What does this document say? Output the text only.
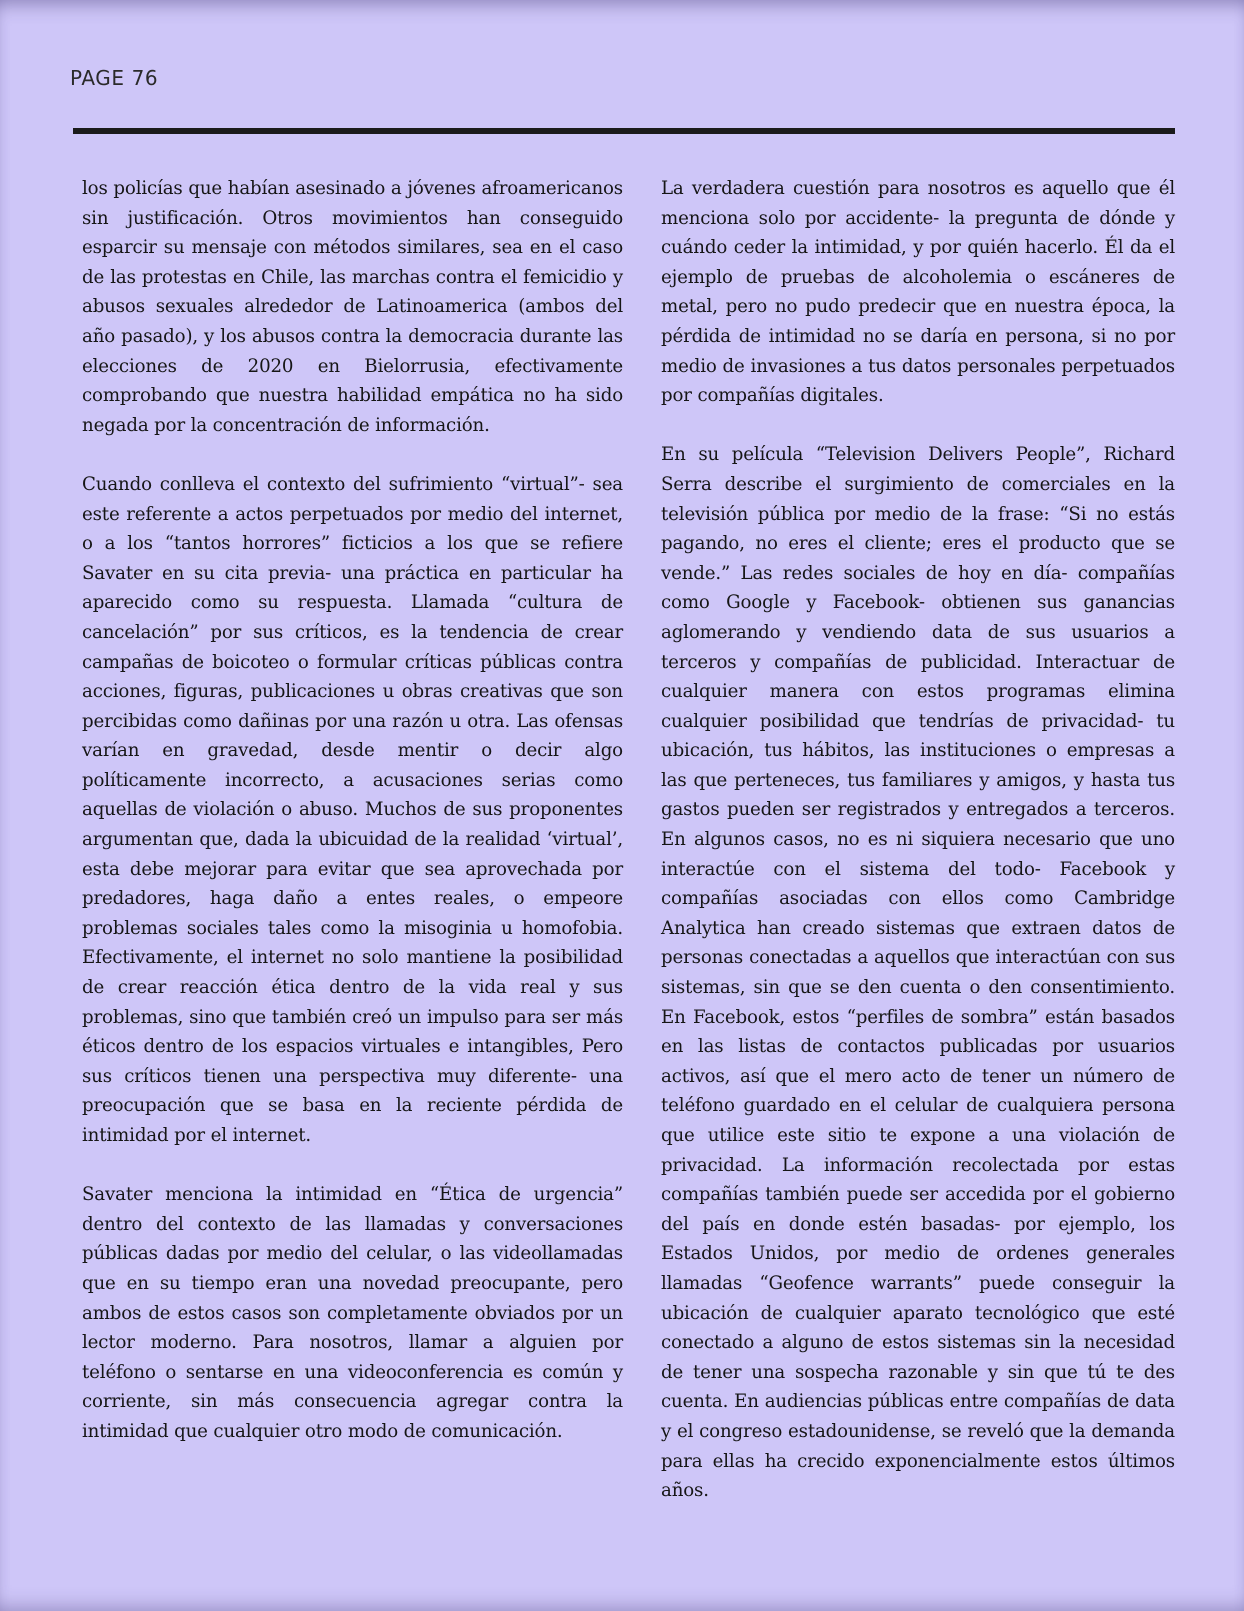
PAGE 76

los policías que habían asesinado a jóvenes afroamericanos sin justificación. Otros movimientos han conseguido esparcir su mensaje con métodos similares, sea en el caso de las protestas en Chile, las marchas contra el femicidio y abusos sexuales alrededor de Latinoamerica (ambos del año pasado), y los abusos contra la democracia durante las elecciones de 2020 en Bielorrusia, efectivamente comprobando que nuestra habilidad empática no ha sido negada por la concentración de información.

Cuando conlleva el contexto del sufrimiento “virtual”- sea este referente a actos perpetuados por medio del internet, o a los “tantos horrores” ficticios a los que se refiere Savater en su cita previa- una práctica en particular ha aparecido como su respuesta. Llamada “cultura de cancelación” por sus críticos, es la tendencia de crear campañas de boicoteo o formular críticas públicas contra acciones, figuras, publicaciones u obras creativas que son percibidas como dañinas por una razón u otra. Las ofensas varían en gravedad, desde mentir o decir algo políticamente incorrecto, a acusaciones serias como aquellas de violación o abuso. Muchos de sus proponentes argumentan que, dada la ubicuidad de la realidad ‘virtual’, esta debe mejorar para evitar que sea aprovechada por predadores, haga daño a entes reales, o empeore problemas sociales tales como la misoginia u homofobia. Efectivamente, el internet no solo mantiene la posibilidad de crear reacción ética dentro de la vida real y sus problemas, sino que también creó un impulso para ser más éticos dentro de los espacios virtuales e intangibles, Pero sus críticos tienen una perspectiva muy diferente- una preocupación que se basa en la reciente pérdida de intimidad por el internet.

Savater menciona la intimidad en “Ética de urgencia” dentro del contexto de las llamadas y conversaciones públicas dadas por medio del celular, o las videollamadas que en su tiempo eran una novedad preocupante, pero ambos de estos casos son completamente obviados por un lector moderno. Para nosotros, llamar a alguien por teléfono o sentarse en una videoconferencia es común y corriente, sin más consecuencia agregar contra la intimidad que cualquier otro modo de comunicación.

La verdadera cuestión para nosotros es aquello que él menciona solo por accidente- la pregunta de dónde y cuándo ceder la intimidad, y por quién hacerlo. Él da el ejemplo de pruebas de alcoholemia o escáneres de metal, pero no pudo predecir que en nuestra época, la pérdida de intimidad no se daría en persona, si no por medio de invasiones a tus datos personales perpetuados por compañías digitales.

En su película “Television Delivers People”, Richard Serra describe el surgimiento de comerciales en la televisión pública por medio de la frase: “Si no estás pagando, no eres el cliente; eres el producto que se vende.” Las redes sociales de hoy en día- compañías como Google y Facebook- obtienen sus ganancias aglomerando y vendiendo data de sus usuarios a terceros y compañías de publicidad. Interactuar de cualquier manera con estos programas elimina cualquier posibilidad que tendrías de privacidad- tu ubicación, tus hábitos, las instituciones o empresas a las que perteneces, tus familiares y amigos, y hasta tus gastos pueden ser registrados y entregados a terceros. En algunos casos, no es ni siquiera necesario que uno interactúe con el sistema del todo- Facebook y compañías asociadas con ellos como Cambridge Analytica han creado sistemas que extraen datos de personas conectadas a aquellos que interactúan con sus sistemas, sin que se den cuenta o den consentimiento. En Facebook, estos “perfiles de sombra” están basados en las listas de contactos publicadas por usuarios activos, así que el mero acto de tener un número de teléfono guardado en el celular de cualquiera persona que utilice este sitio te expone a una violación de privacidad. La información recolectada por estas compañías también puede ser accedida por el gobierno del país en donde estén basadas- por ejemplo, los Estados Unidos, por medio de ordenes generales llamadas “Geofence warrants” puede conseguir la ubicación de cualquier aparato tecnológico que esté conectado a alguno de estos sistemas sin la necesidad de tener una sospecha razonable y sin que tú te des cuenta. En audiencias públicas entre compañías de data y el congreso estadounidense, se reveló que la demanda para ellas ha crecido exponencialmente estos últimos años.
